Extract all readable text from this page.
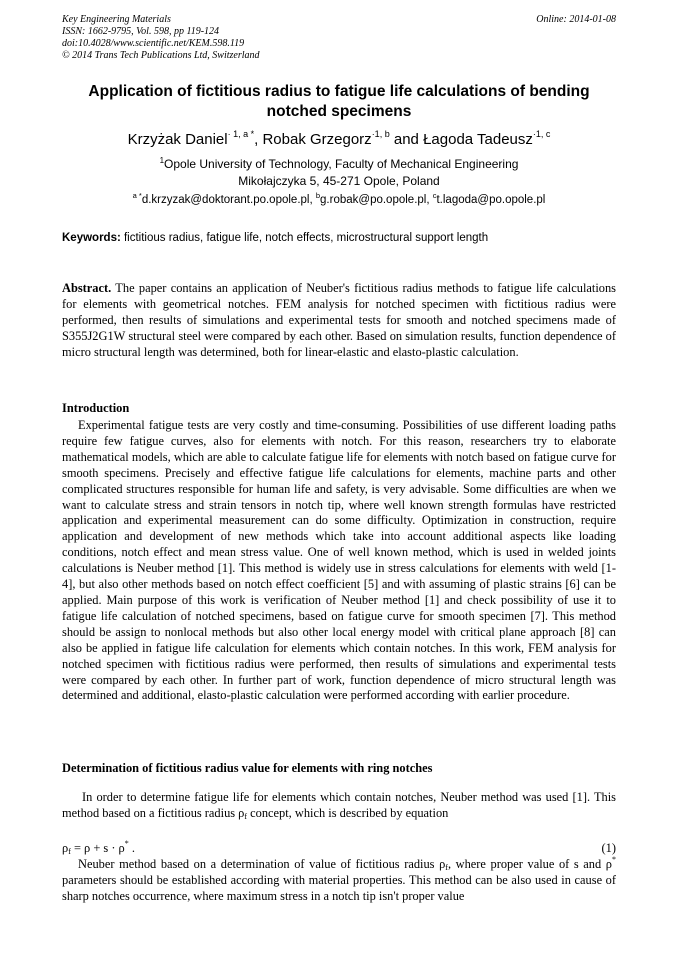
Key Engineering Materials
ISSN: 1662-9795, Vol. 598, pp 119-124
doi:10.4028/www.scientific.net/KEM.598.119
© 2014 Trans Tech Publications Ltd, Switzerland
Online: 2014-01-08
Application of fictitious radius to fatigue life calculations of bending notched specimens
Krzyżak Daniel$^{\cdot 1, a *}$, Robak Grzegorz$^{\cdot 1, b}$ and Łagoda Tadeusz$^{\cdot 1, c}$
$^1$Opole University of Technology, Faculty of Mechanical Engineering
Mikołajczyka 5, 45-271 Opole, Poland
$^{a *}$d.krzyzak@doktorant.po.opole.pl, $^b$g.robak@po.opole.pl, $^c$t.lagoda@po.opole.pl
Keywords: fictitious radius, fatigue life, notch effects, microstructural support length
Abstract. The paper contains an application of Neuber's fictitious radius methods to fatigue life calculations for elements with geometrical notches. FEM analysis for notched specimen with fictitious radius were performed, then results of simulations and experimental tests for smooth and notched specimens made of S355J2G1W structural steel were compared by each other. Based on simulation results, function dependence of micro structural length was determined, both for linear-elastic and elasto-plastic calculation.
Introduction
Experimental fatigue tests are very costly and time-consuming. Possibilities of use different loading paths require few fatigue curves, also for elements with notch. For this reason, researchers try to elaborate mathematical models, which are able to calculate fatigue life for elements with notch based on fatigue curve for smooth specimens. Precisely and effective fatigue life calculations for elements, machine parts and other complicated structures responsible for human life and safety, is very advisable. Some difficulties are when we want to calculate stress and strain tensors in notch tip, where well known strength formulas have restricted application and experimental measurement can do some difficulty. Optimization in construction, require application and development of new methods which take into account additional aspects like loading conditions, notch effect and mean stress value. One of well known method, which is used in welded joints calculations is Neuber method [1]. This method is widely use in stress calculations for elements with weld [1-4], but also other methods based on notch effect coefficient [5] and with assuming of plastic strains [6] can be applied. Main purpose of this work is verification of Neuber method [1] and check possibility of use it to fatigue life calculation of notched specimens, based on fatigue curve for smooth specimen [7]. This method should be assign to nonlocal methods but also other local energy model with critical plane approach [8] can also be applied in fatigue life calculation for elements which contain notches. In this work, FEM analysis for notched specimen with fictitious radius were performed, then results of simulations and experimental tests were compared by each other. In further part of work, function dependence of micro structural length was determined and additional, elasto-plastic calculation were performed according with earlier procedure.
Determination of fictitious radius value for elements with ring notches
In order to determine fatigue life for elements which contain notches, Neuber method was used [1]. This method based on a fictitious radius $\rho_f$ concept, which is described by equation
$\rho_f = \rho + s \cdot \rho^*$ .	(1)
Neuber method based on a determination of value of fictitious radius $\rho_f$, where proper value of s and ρ* parameters should be established according with material properties. This method can be also used in cause of sharp notches occurrence, where maximum stress in a notch tip isn't proper value
